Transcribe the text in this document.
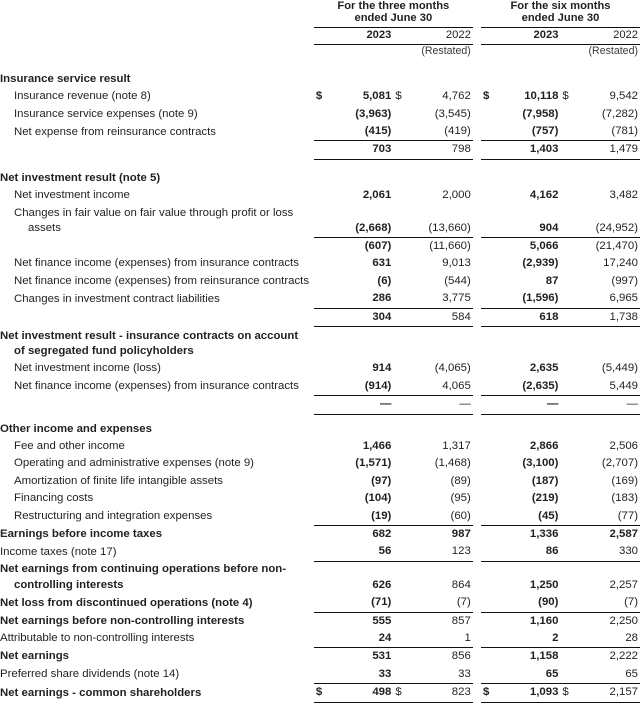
	For the three months
ended June 30					For the six months
ended June 30			
	2023		2022			2023		2022	
			(Restated)					(Restated)	

Insurance service result									
Insurance revenue (note 8)	$	5,081	$	4,762		$	10,118	$	9,542
Insurance service expenses (note 9)		(3,963)		(3,545)			(7,958)		(7,282)
Net expense from reinsurance contracts		(415)		(419)			(757)		(781)
	703		798			1,403		1,479	

Net investment result (note 5)									
Net investment income		2,061		2,000			4,162		3,482
Changes in fair value on fair value through profit or loss assets		(2,668)		(13,660)			904		(24,952)
	(607)		(11,660)			5,066		(21,470)	
Net finance income (expenses) from insurance contracts		631		9,013			(2,939)		17,240
Net finance income (expenses) from reinsurance contracts		(6)		(544)			87		(997)
Changes in investment contract liabilities		286		3,775			(1,596)		6,965
	304		584			618		1,738	
Net investment result - insurance contracts on account of segregated fund policyholders									
Net investment income (loss)		914		(4,065)			2,635		(5,449)
Net finance income (expenses) from insurance contracts		(914)		4,065			(2,635)		5,449
	—		—			—		—	

Other income and expenses									
Fee and other income		1,466		1,317			2,866		2,506
Operating and administrative expenses (note 9)		(1,571)		(1,468)			(3,100)		(2,707)
Amortization of finite life intangible assets		(97)		(89)			(187)		(169)
Financing costs		(104)		(95)			(219)		(183)
Restructuring and integration expenses		(19)		(60)			(45)		(77)
Earnings before income taxes	682		987			1,336		2,587	
Income taxes (note 17)	56		123			86		330	
Net earnings from continuing operations before non- controlling interests	626		864			1,250		2,257	
Net loss from discontinued operations (note 4)	(71)		(7)			(90)		(7)	
Net earnings before non-controlling interests	555		857			1,160		2,250	
Attributable to non-controlling interests	24		1			2		28	
Net earnings	531		856			1,158		2,222	
Preferred share dividends (note 14)	33		33			65		65	
Net earnings - common shareholders	$	498	$	823		$	1,093	$	2,157
